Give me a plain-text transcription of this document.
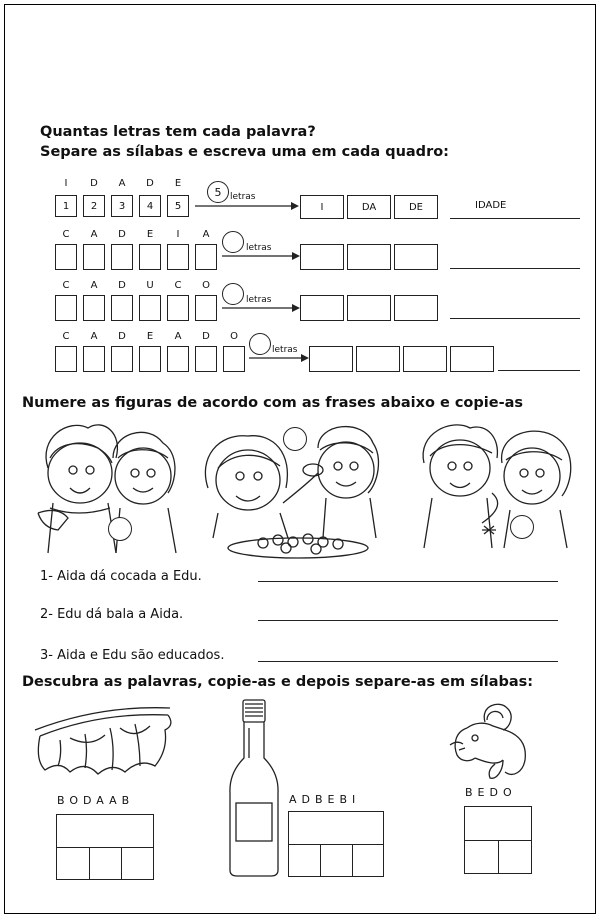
Quantas letras tem cada palavra?
Separe as sílabas e escreva uma em cada quadro:
I	D	A	D	E
1	2	3	4	5
5 letras
I	DA	DE	IDADE
C	A	D	E	I	A
letras
C	A	D	U	C	O
letras
C	A	D	E	A	D	O
letras
Numere as figuras de acordo com as frases abaixo e copie-as
1- Aida dá cocada a Edu.
2- Edu dá bala a Aida.
3- Aida e Edu são educados.
Descubra as palavras, copie-as e depois separe-as em sílabas:
BODAAB	ADBEBI
BEDO
